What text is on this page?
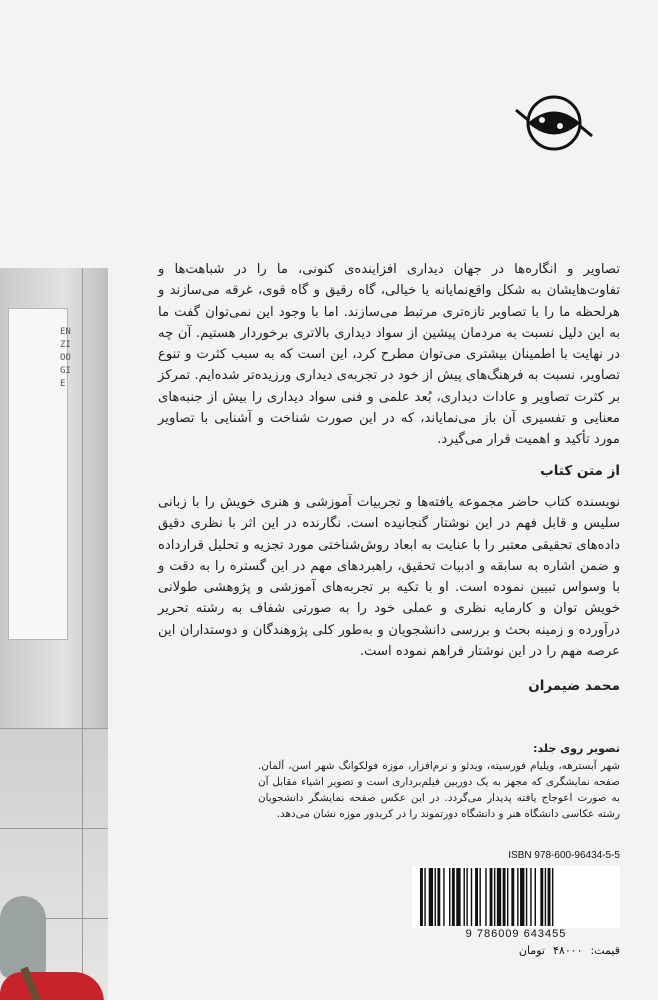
ENZIOOGIE

تصاویر و انگاره‌ها در جهان دیداری افزاینده‌ی کنونی، ما را در شباهت‌ها و تفاوت‌هایشان به شکل واقع‌نمایانه یا خیالی، گاه رقیق و گاه قوی، غرقه می‌سازند و هرلحظه ما را با تصاویر تازه‌تری مرتبط می‌سازند. اما با وجود این نمی‌توان گفت ما به این دلیل نسبت به مردمان پیشین از سواد دیداری بالاتری برخوردار هستیم. آن چه در نهایت با اطمینان بیشتری می‌توان مطرح کرد، این است که به سبب کثرت و تنوع تصاویر، نسبت به فرهنگ‌های پیش از خود در تجربه‌ی دیداری ورزیده‌تر شده‌ایم. تمرکز بر کثرت تصاویر و عادات دیداری، بُعد علمی و فنی سواد دیداری را بیش از جنبه‌های معنایی و تفسیری آن باز می‌نمایاند، که در این صورت شناخت و آشنایی با تصاویر مورد تأکید و اهمیت قرار می‌گیرد.

از متن کتاب

نویسنده کتاب حاضر مجموعه یافته‌ها و تجربیات آموزشی و هنری خویش را با زبانی سلیس و قابل فهم در این نوشتار گنجانیده است. نگارنده در این اثر با نظری دقیق داده‌های تحقیقی معتبر را با عنایت به ابعاد روش‌شناختی مورد تجزیه و تحلیل قرارداده و ضمن اشاره به سابقه و ادبیات تحقیق، راهبردهای مهم در این گستره را به دقت و با وسواس تبیین نموده است. او با تکیه بر تجربه‌های آموزشی و پژوهشی طولانی خویش توان و کارمایه نظری و عملی خود را به صورتی شفاف به رشته تحریر درآورده و زمینه بحث و بررسی دانشجویان و به‌طور کلی پژوهندگان و دوستداران این عرصه مهم را در این نوشتار فراهم نموده است.

محمد ضیمران

تصویر روی جلد:

شهر آبسترهه، ویلیام فورسیته، ویدئو و نرم‌افزار، موزه فولکوانگ شهر اسن، آلمان. صفحه نمایشگری که مجهز به یک دوربین فیلم‌برداری است و تصویر اشیاء مقابل آن به صورت اعوجاج یافته پدیدار می‌گردد. در این عکس صفحه نمایشگر دانشجویان رشته عکاسی دانشگاه هنر و دانشگاه دورتموند را در کریدور موزه نشان می‌دهد.

ISBN 978-600-96434-5-5
9 786009 643455
قیمت:۴۸۰۰۰تومان
